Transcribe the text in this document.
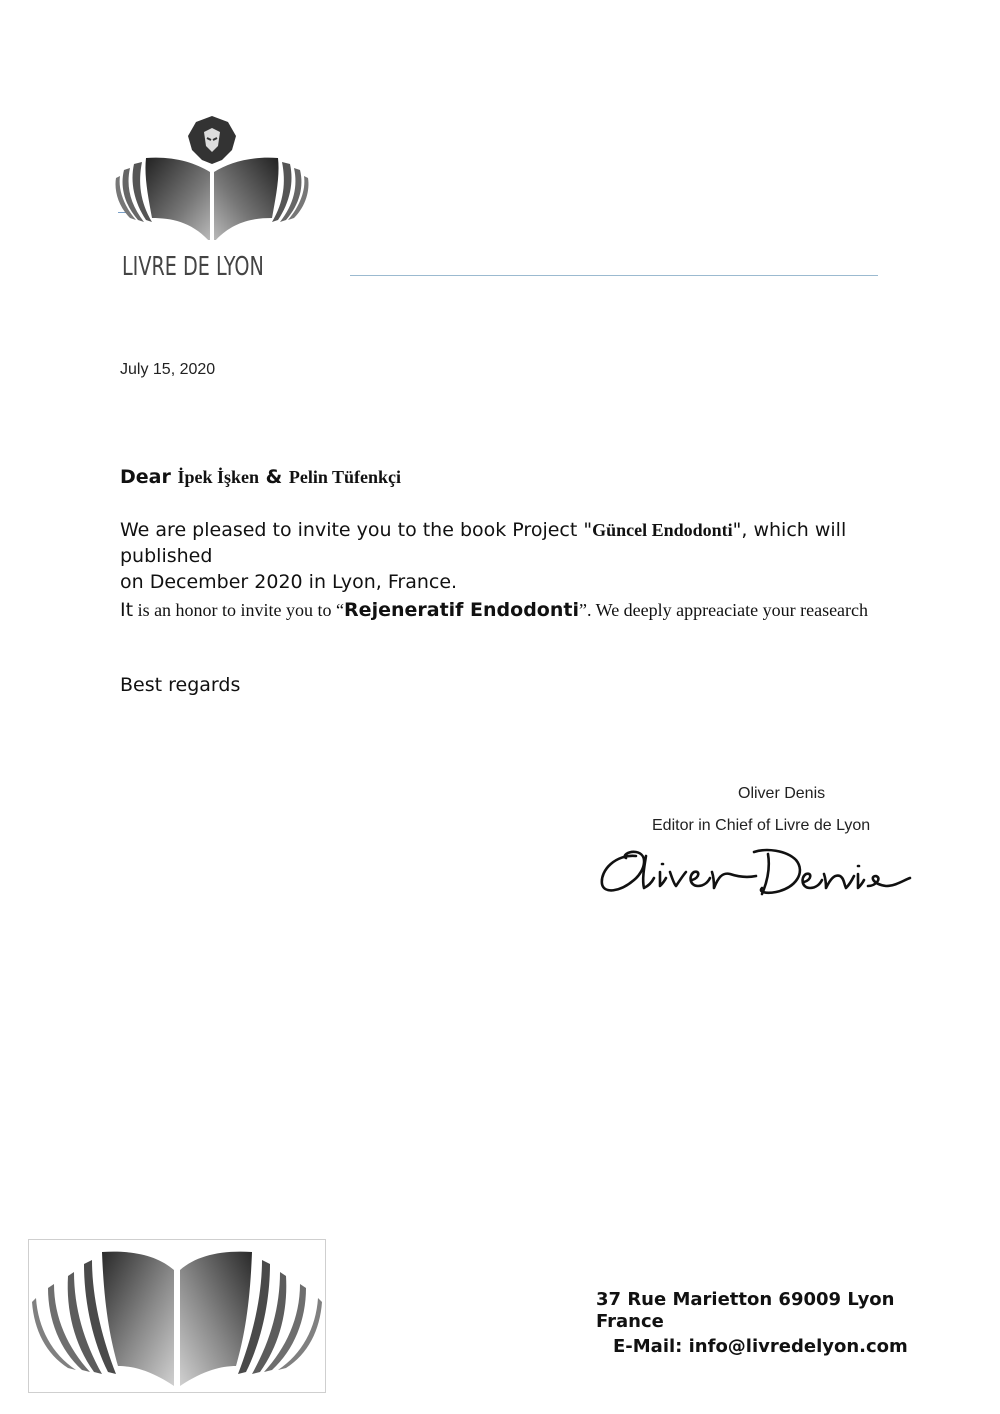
LIVRE DE LYON
July 15, 2020
Dear İpek İşken & Pelin Tüfenkçi
We are pleased to invite you to the book Project "Güncel Endodonti", which will published
on December 2020 in Lyon, France.
It is an honor to invite you to “Rejeneratif Endodonti”. We deeply appreaciate your reasearch
Best regards
Oliver Denis
Editor in Chief of Livre de Lyon
37 Rue Marietton 69009 Lyon France
E-Mail: info@livredelyon.com
